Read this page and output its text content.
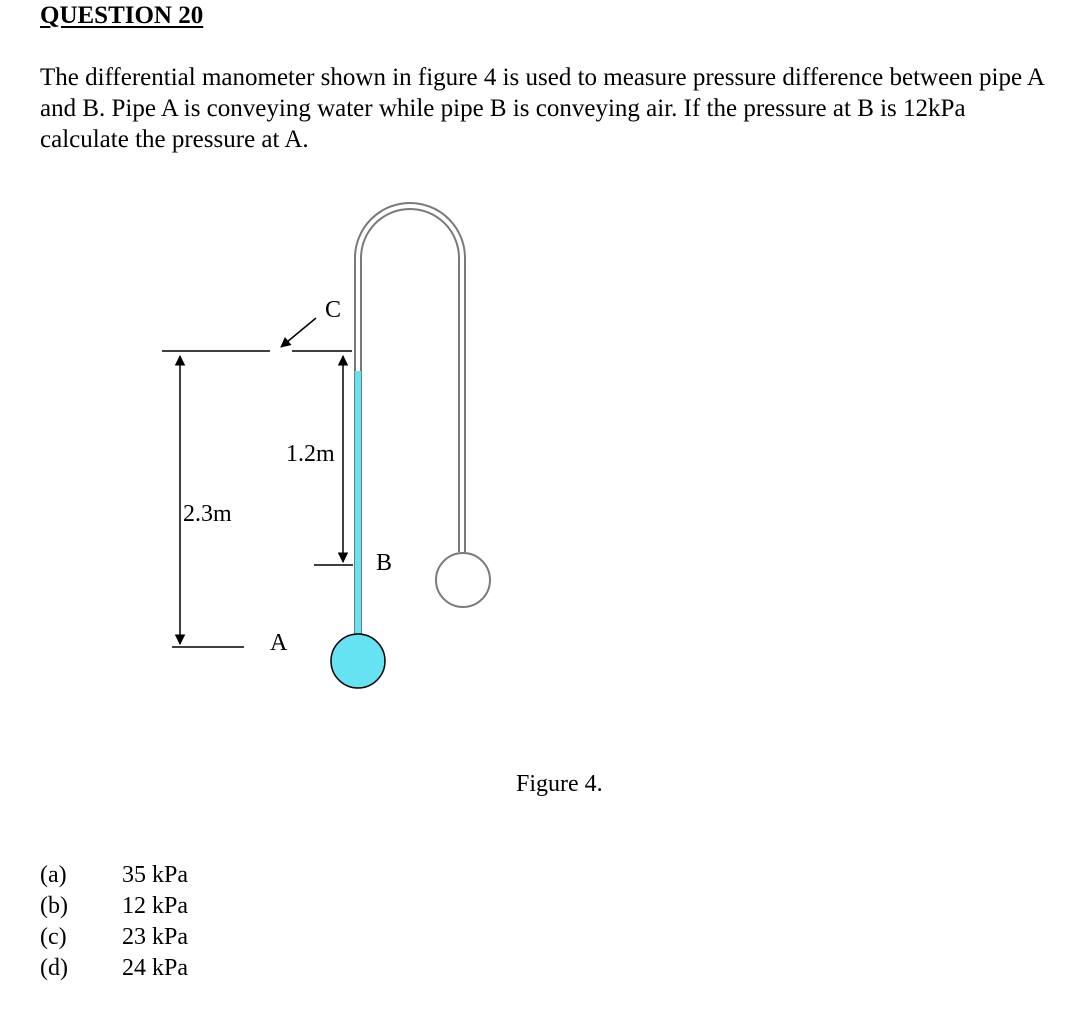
QUESTION 20

The differential manometer shown in figure 4 is used to measure pressure difference between pipe A and B. Pipe A is conveying water while pipe B is conveying air. If the pressure at B is 12kPa calculate the pressure at A.

C
1.2m
2.3m
B
A
Figure 4.
(a)	35 kPa
(b)	12 kPa
(c)	23 kPa
(d)	24 kPa
